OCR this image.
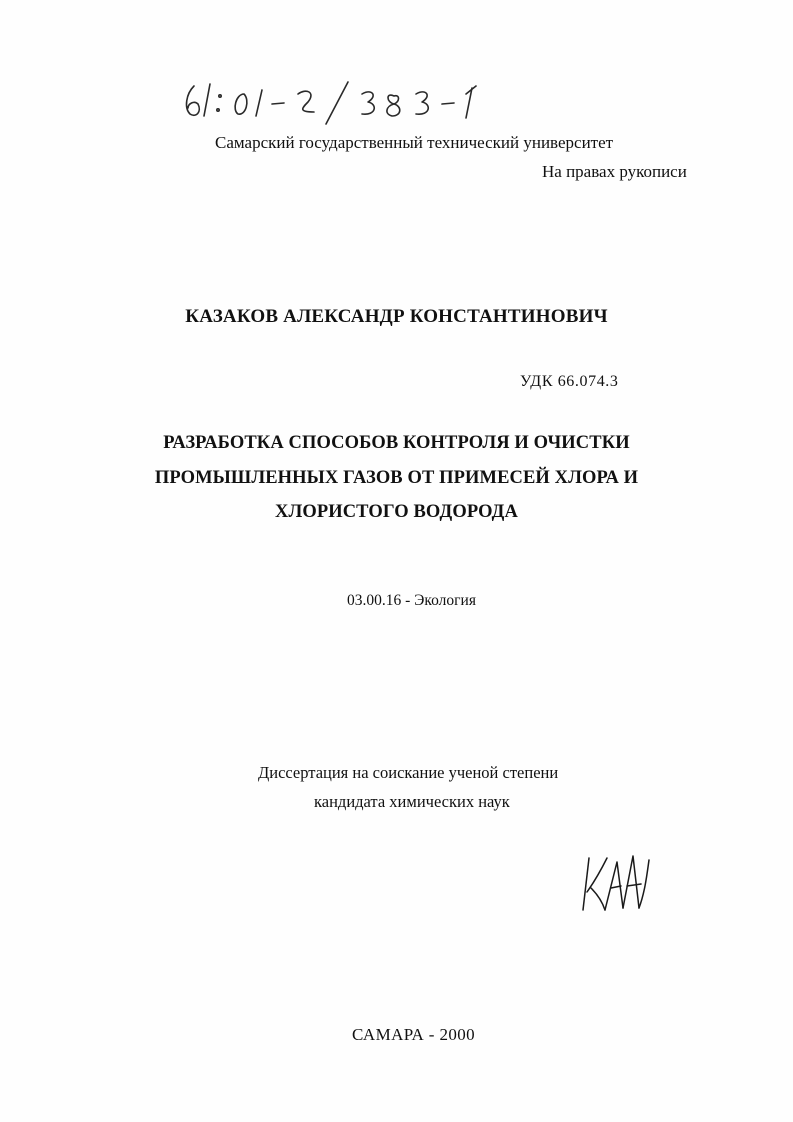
Самарский государственный технический университет
На правах рукописи
КАЗАКОВ АЛЕКСАНДР КОНСТАНТИНОВИЧ
УДК 66.074.3
РАЗРАБОТКА СПОСОБОВ КОНТРОЛЯ И ОЧИСТКИ
ПРОМЫШЛЕННЫХ ГАЗОВ ОТ ПРИМЕСЕЙ ХЛОРА И
ХЛОРИСТОГО ВОДОРОДА
03.00.16 - Экология
Диссертация на соискание ученой степени
кандидата химических наук
САМАРА - 2000
